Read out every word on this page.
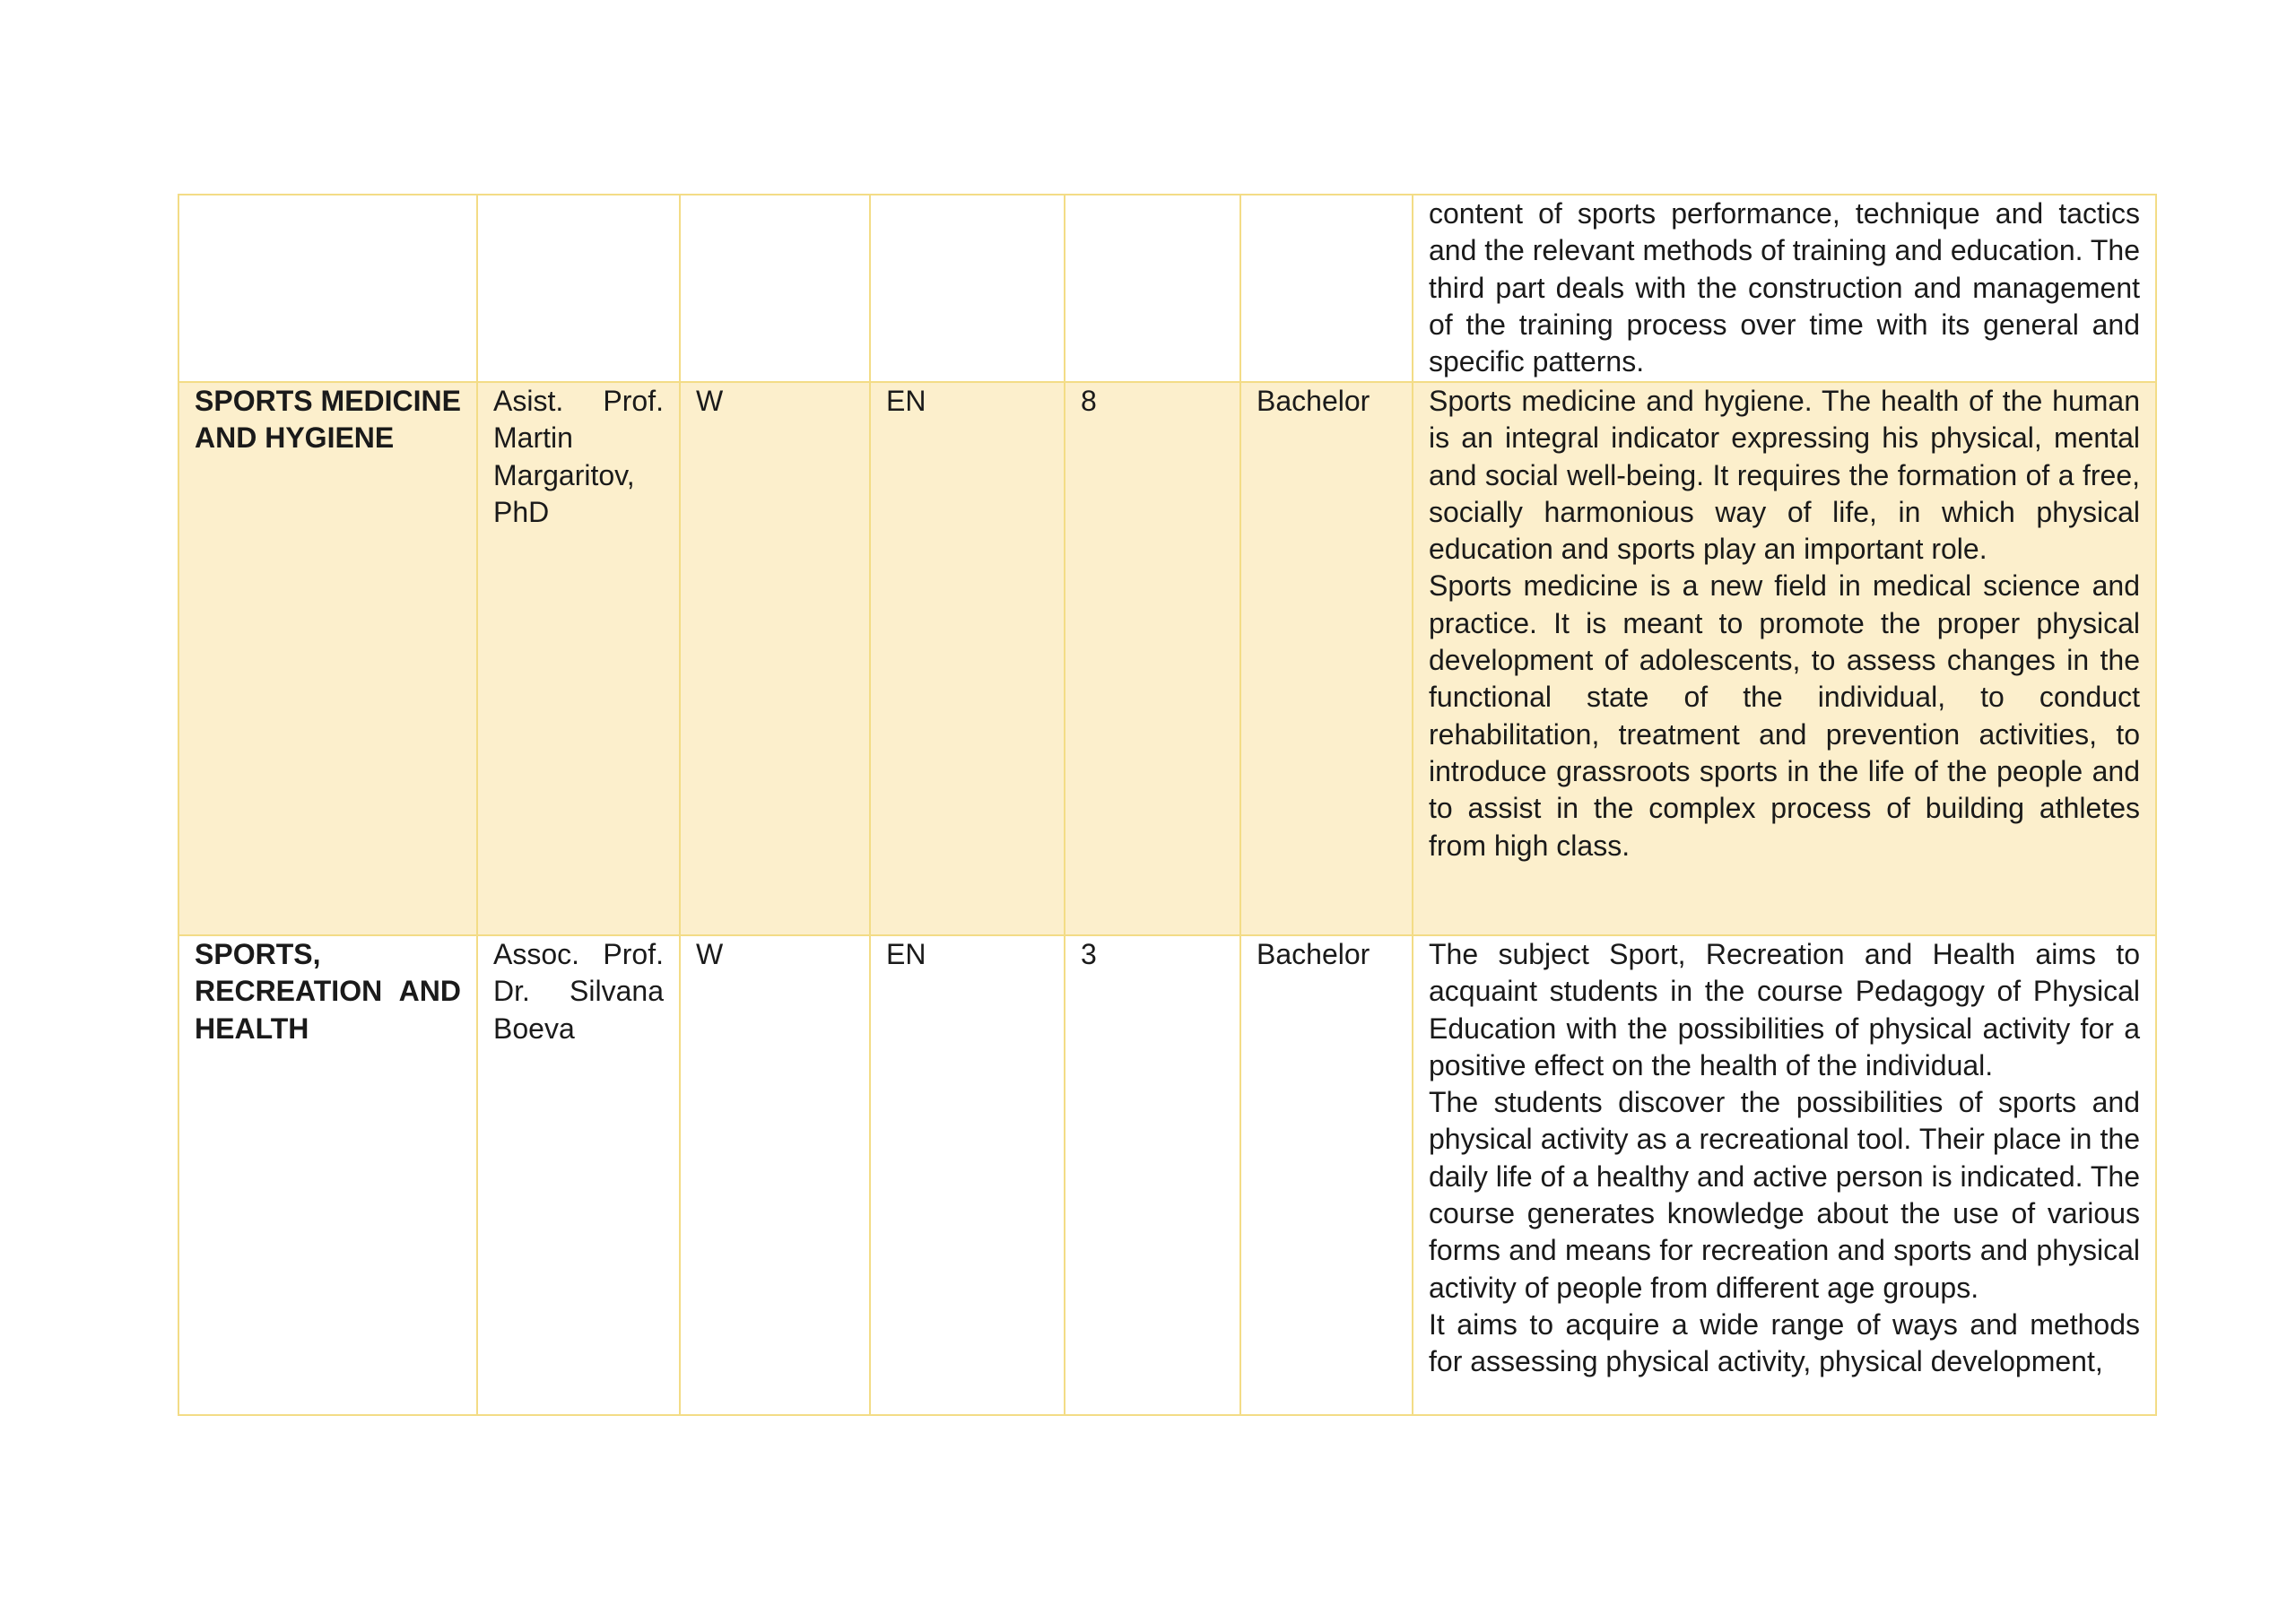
						content of sports performance, technique and tactics and the relevant methods of training and education. The third part deals with the construction and management of the training process over time with its general and specific patterns.

SPORTS MEDICINE AND HYGIENE	Asist. Prof. Martin Margaritov, PhD	W	EN	8	Bachelor	Sports medicine and hygiene. The health of the human is an integral indicator expressing his physical, mental and social well-being. It requires the formation of a free, socially harmonious way of life, in which physical education and sports play an important role.

Sports medicine is a new field in medical science and practice. It is meant to promote the proper physical development of adolescents, to assess changes in the functional state of the individual, to conduct rehabilitation, treatment and prevention activities, to introduce grassroots sports in the life of the people and to assist in the complex process of building athletes from high class.

SPORTS, RECREATION AND HEALTH	Assoc. Prof. Dr. Silvana Boeva	W	EN	3	Bachelor	The subject Sport, Recreation and Health aims to acquaint students in the course Pedagogy of Physical Education with the possibilities of physical activity for a positive effect on the health of the individual.

The students discover the possibilities of sports and physical activity as a recreational tool. Their place in the daily life of a healthy and active person is indicated. The course generates knowledge about the use of various forms and means for recreation and sports and physical activity of people from different age groups.

It aims to acquire a wide range of ways and methods for assessing physical activity, physical development,
